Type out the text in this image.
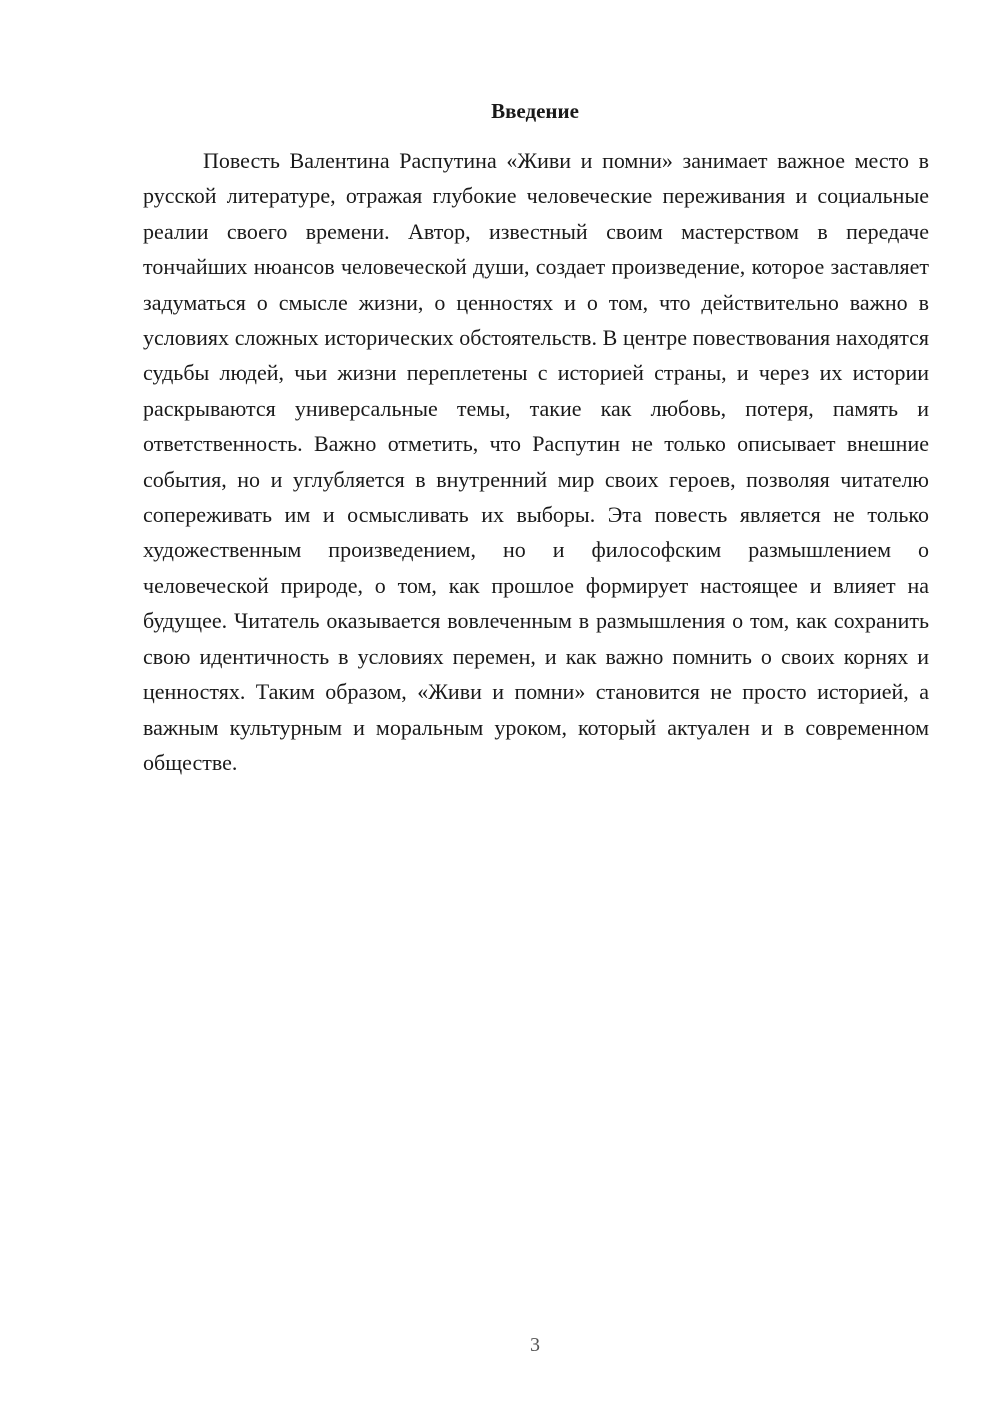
Введение

Повесть Валентина Распутина «Живи и помни» занимает важное место в русской литературе, отражая глубокие человеческие переживания и социальные реалии своего времени. Автор, известный своим мастерством в передаче тончайших нюансов человеческой души, создает произведение, которое заставляет задуматься о смысле жизни, о ценностях и о том, что действительно важно в условиях сложных исторических обстоятельств. В центре повествования находятся судьбы людей, чьи жизни переплетены с историей страны, и через их истории раскрываются универсальные темы, такие как любовь, потеря, память и ответственность. Важно отметить, что Распутин не только описывает внешние события, но и углубляется в внутренний мир своих героев, позволяя читателю сопереживать им и осмысливать их выборы. Эта повесть является не только художественным произведением, но и философским размышлением о человеческой природе, о том, как прошлое формирует настоящее и влияет на будущее. Читатель оказывается вовлеченным в размышления о том, как сохранить свою идентичность в условиях перемен, и как важно помнить о своих корнях и ценностях. Таким образом, «Живи и помни» становится не просто историей, а важным культурным и моральным уроком, который актуален и в современном обществе.

3
